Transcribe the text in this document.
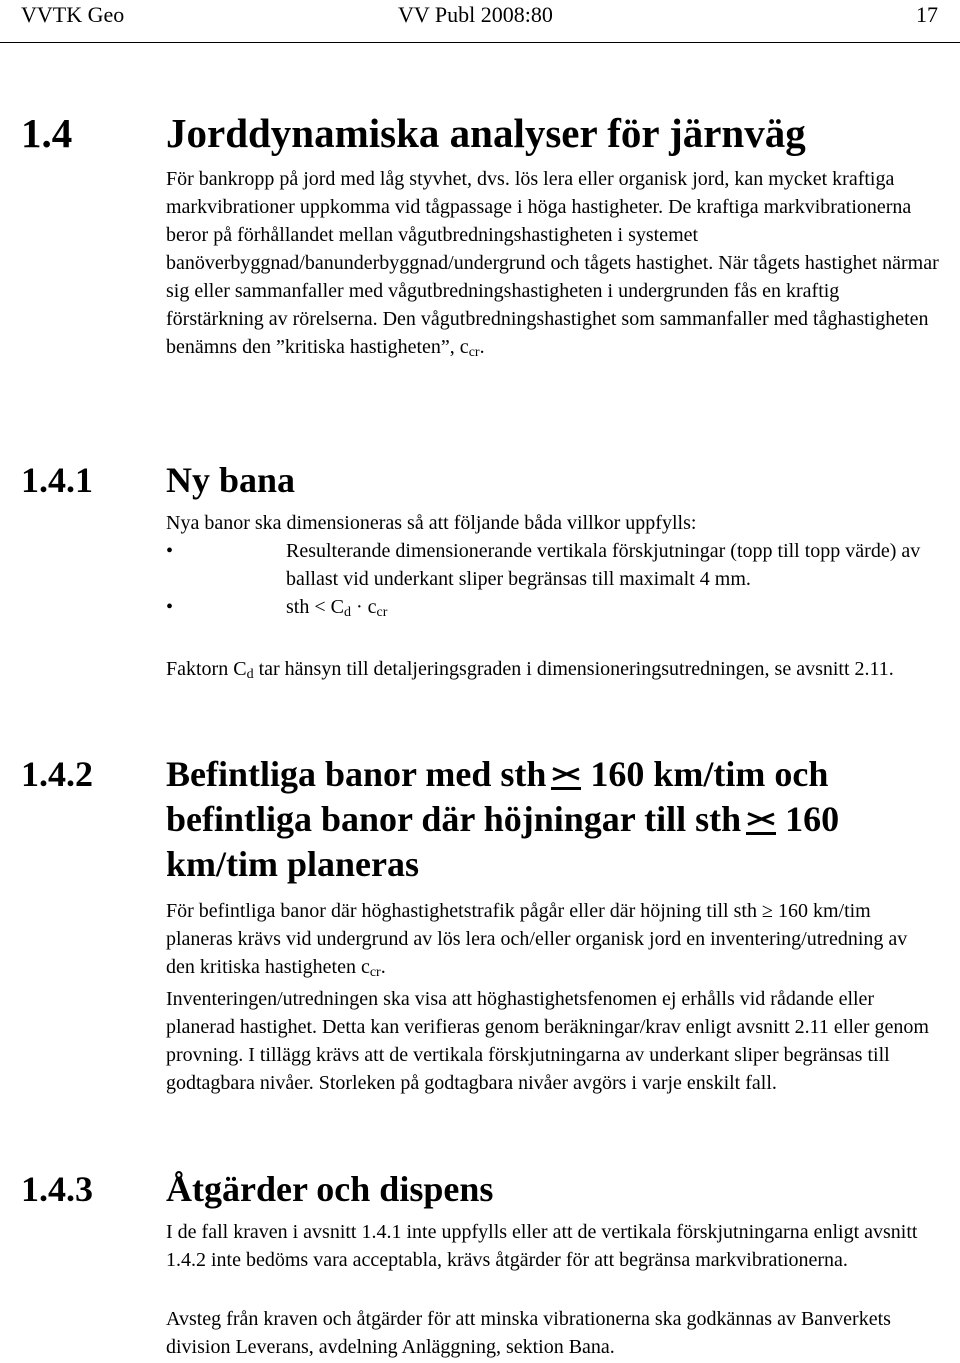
VVTK Geo	VV Publ 2008:80	17
1.4 Jorddynamiska analyser för järnväg

För bankropp på jord med låg styvhet, dvs. lös lera eller organisk jord, kan mycket kraftiga markvibrationer uppkomma vid tågpassage i höga hastigheter. De kraftiga markvibrationerna beror på förhållandet mellan vågutbredningshastigheten i systemet banöverbyggnad/banunderbyggnad/undergrund och tågets hastighet. När tågets hastighet närmar sig eller sammanfaller med vågutbredningshastigheten i undergrunden fås en kraftig förstärkning av rörelserna. Den vågutbredningshastighet som sammanfaller med tåghastigheten benämns den ”kritiska hastigheten”, $c_{cr}$.

1.4.1 Ny bana

Nya banor ska dimensioneras så att följande båda villkor uppfylls:

•	Resulterande dimensionerande vertikala förskjutningar (topp till topp värde) av ballast vid underkant sliper begränsas till maximalt 4 mm.
•	sth < $C_d \cdot c_{cr}$

Faktorn $C_d$ tar hänsyn till detaljeringsgraden i dimensioneringsutredningen, se avsnitt 2.11.

1.4.2 Befintliga banor med sth 160 km/tim och befintliga banor där höjningar till sth 160 km/tim planeras

För befintliga banor där höghastighetstrafik pågår eller där höjning till sth ≥ 160 km/tim planeras krävs vid undergrund av lös lera och/eller organisk jord en inventering/utredning av den kritiska hastigheten $c_{cr}$.

Inventeringen/utredningen ska visa att höghastighetsfenomen ej erhålls vid rådande eller planerad hastighet. Detta kan verifieras genom beräkningar/krav enligt avsnitt 2.11 eller genom provning. I tillägg krävs att de vertikala förskjutningarna av underkant sliper begränsas till godtagbara nivåer. Storleken på godtagbara nivåer avgörs i varje enskilt fall.

1.4.3 Åtgärder och dispens

I de fall kraven i avsnitt 1.4.1 inte uppfylls eller att de vertikala förskjutningarna enligt avsnitt 1.4.2 inte bedöms vara acceptabla, krävs åtgärder för att begränsa markvibrationerna.

Avsteg från kraven och åtgärder för att minska vibrationerna ska godkännas av Banverkets division Leverans, avdelning Anläggning, sektion Bana.
